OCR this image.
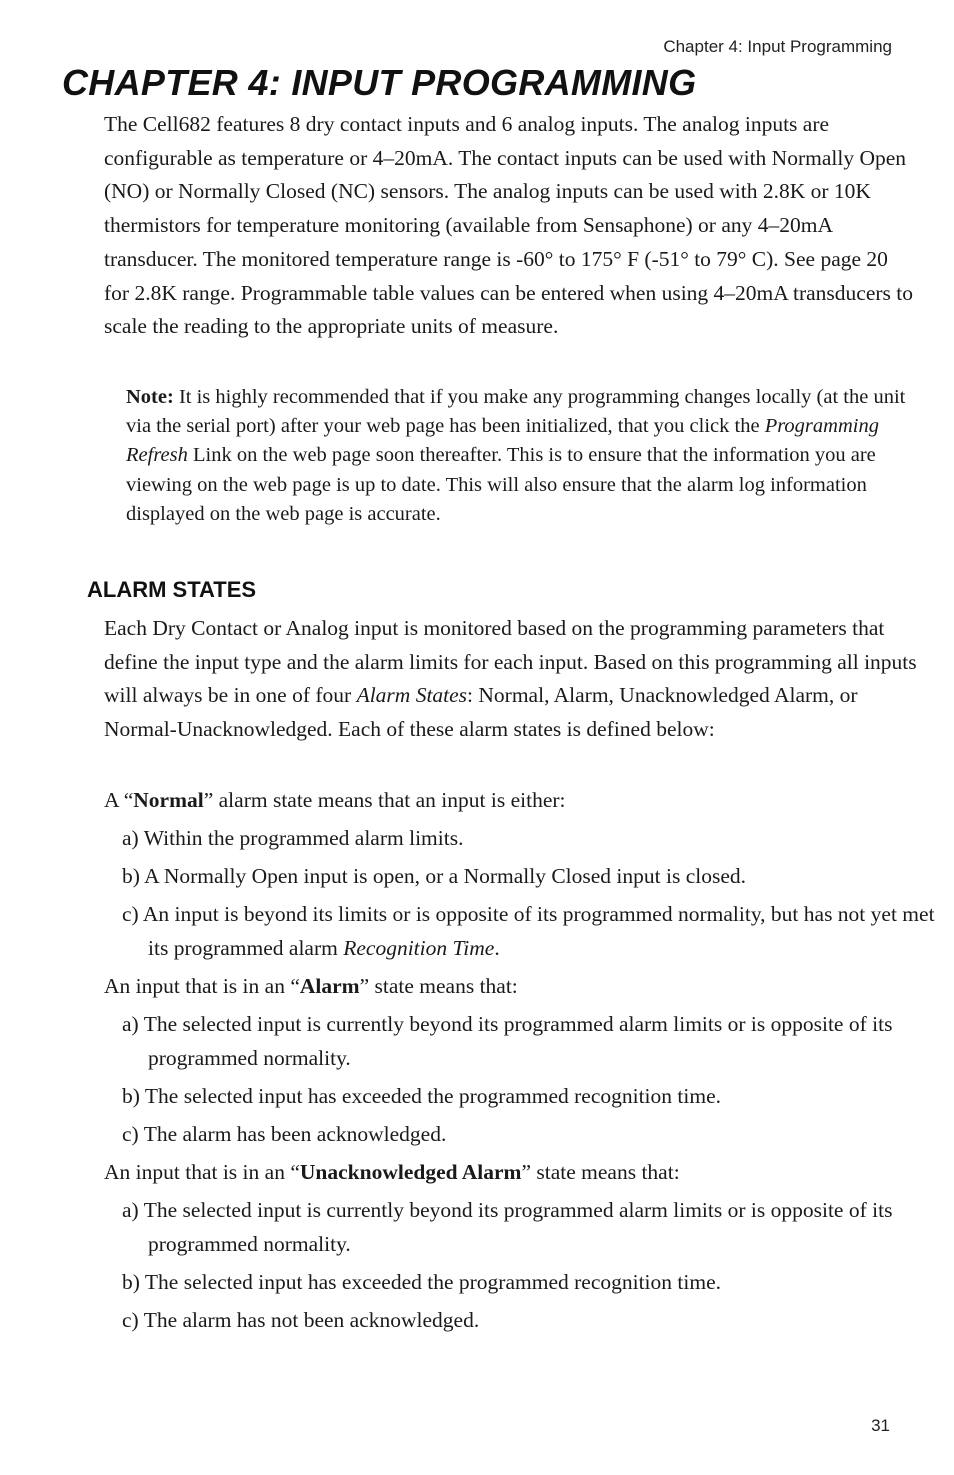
Chapter 4: Input Programming
CHAPTER 4: INPUT PROGRAMMING

The Cell682 features 8 dry contact inputs and 6 analog inputs. The analog inputs are configurable as temperature or 4–20mA. The contact inputs can be used with Normally Open (NO) or Normally Closed (NC) sensors. The analog inputs can be used with 2.8K or 10K thermistors for temperature monitoring (available from Sensaphone) or any 4–20mA transducer. The monitored temperature range is -60° to 175° F (-51° to 79° C). See page 20 for 2.8K range. Programmable table values can be entered when using 4–20mA transducers to scale the reading to the appropriate units of measure.

Note: It is highly recommended that if you make any programming changes locally (at the unit via the serial port) after your web page has been initialized, that you click the Programming Refresh Link on the web page soon thereafter. This is to ensure that the information you are viewing on the web page is up to date. This will also ensure that the alarm log information displayed on the web page is accurate.

ALARM STATES

Each Dry Contact or Analog input is monitored based on the programming parameters that define the input type and the alarm limits for each input. Based on this programming all inputs will always be in one of four Alarm States: Normal, Alarm, Unacknowledged Alarm, or Normal-Unacknowledged. Each of these alarm states is defined below:

A “Normal” alarm state means that an input is either:

a) Within the programmed alarm limits.

b) A Normally Open input is open, or a Normally Closed input is closed.

c) An input is beyond its limits or is opposite of its programmed normality, but has not yet met its programmed alarm Recognition Time.

An input that is in an “Alarm” state means that:

a) The selected input is currently beyond its programmed alarm limits or is opposite of its programmed normality.

b) The selected input has exceeded the programmed recognition time.

c) The alarm has been acknowledged.

An input that is in an “Unacknowledged Alarm” state means that:

a) The selected input is currently beyond its programmed alarm limits or is opposite of its programmed normality.

b) The selected input has exceeded the programmed recognition time.

c) The alarm has not been acknowledged.

31
